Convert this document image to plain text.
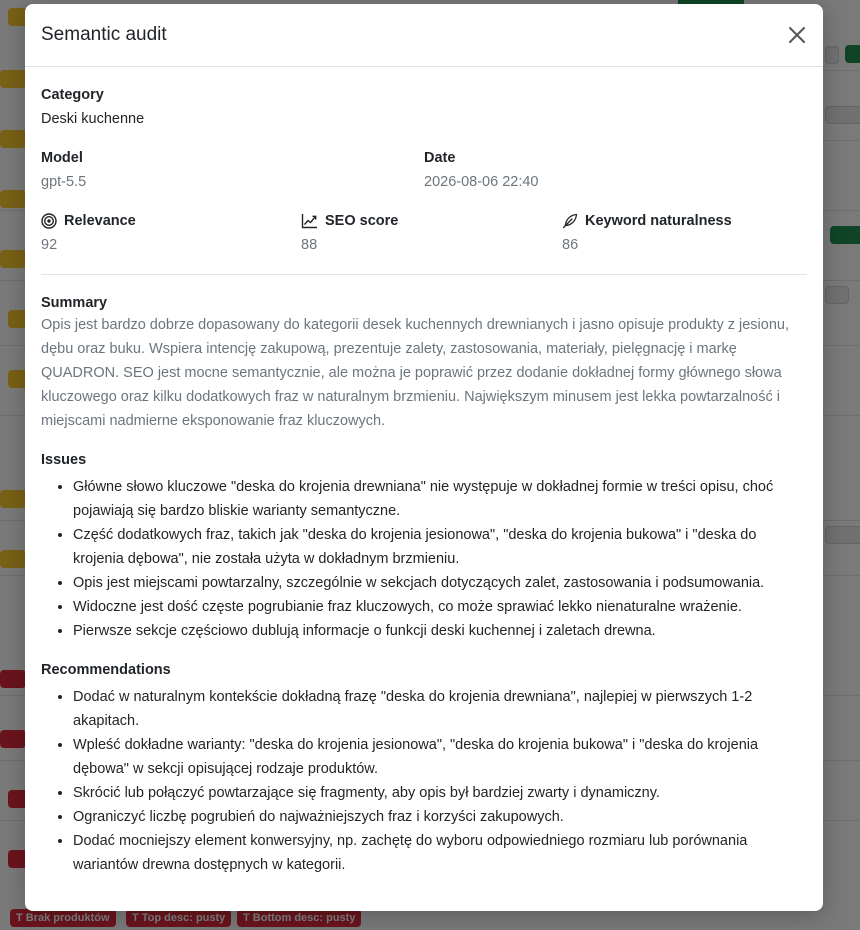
Semantic audit
Category
Deski kuchenne
Model
gpt-5.5
Date
2026-08-06 22:40
Relevance
92
SEO score
88
Keyword naturalness
86
Summary
Opis jest bardzo dobrze dopasowany do kategorii desek kuchennych drewnianych i jasno opisuje produkty z jesionu, dębu oraz buku. Wspiera intencję zakupową, prezentuje zalety, zastosowania, materiały, pielęgnację i markę QUADRON. SEO jest mocne semantycznie, ale można je poprawić przez dodanie dokładnej formy głównego słowa kluczowego oraz kilku dodatkowych fraz w naturalnym brzmieniu. Największym minusem jest lekka powtarzalność i miejscami nadmierne eksponowanie fraz kluczowych.
Issues
• Główne słowo kluczowe "deska do krojenia drewniana" nie występuje w dokładnej formie w treści opisu, choć pojawiają się bardzo bliskie warianty semantyczne.
• Część dodatkowych fraz, takich jak "deska do krojenia jesionowa", "deska do krojenia bukowa" i "deska do krojenia dębowa", nie została użyta w dokładnym brzmieniu.
• Opis jest miejscami powtarzalny, szczególnie w sekcjach dotyczących zalet, zastosowania i podsumowania.
• Widoczne jest dość częste pogrubianie fraz kluczowych, co może sprawiać lekko nienaturalne wrażenie.
• Pierwsze sekcje częściowo dublują informacje o funkcji deski kuchennej i zaletach drewna.
Recommendations
• Dodać w naturalnym kontekście dokładną frazę "deska do krojenia drewniana", najlepiej w pierwszych 1-2 akapitach.
• Wpleść dokładne warianty: "deska do krojenia jesionowa", "deska do krojenia bukowa" i "deska do krojenia dębowa" w sekcji opisującej rodzaje produktów.
• Skrócić lub połączyć powtarzające się fragmenty, aby opis był bardziej zwarty i dynamiczny.
• Ograniczyć liczbę pogrubień do najważniejszych fraz i korzyści zakupowych.
• Dodać mocniejszy element konwersyjny, np. zachętę do wyboru odpowiedniego rozmiaru lub porównania wariantów drewna dostępnych w kategorii.
